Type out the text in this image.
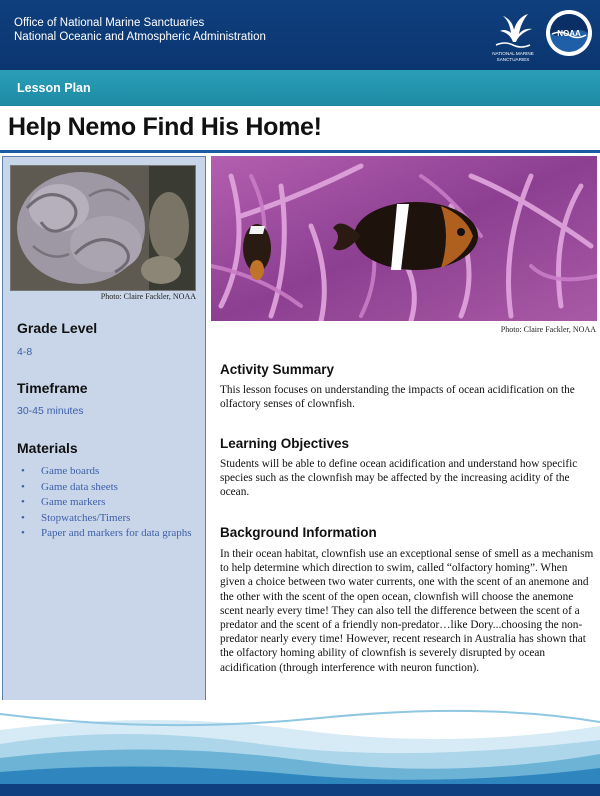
Office of National Marine Sanctuaries
National Oceanic and Atmospheric Administration
NATIONAL MARINE
SANCTUARIES
NOAA
Lesson Plan
Help Nemo Find His Home!
Photo: Claire Fackler, NOAA
Grade Level
4-8
Timeframe
30-45 minutes
Materials
• Game boards
• Game data sheets
• Game markers
• Stopwatches/Timers
• Paper and markers for data graphs
Photo: Claire Fackler, NOAA
Activity Summary

This lesson focuses on understanding the impacts of ocean acidification on the olfactory senses of clownfish.

Learning Objectives

Students will be able to define ocean acidification and understand how specific species such as the clownfish may be affected by the increasing acidity of the ocean.

Background Information

In their ocean habitat, clownfish use an exceptional sense of smell as a mechanism to help determine which direction to swim, called “olfactory homing”. When given a choice between two water currents, one with the scent of an anemone and the other with the scent of the open ocean, clownfish will choose the anemone scent nearly every time! They can also tell the difference between the scent of a predator and the scent of a friendly non-predator…like Dory...choosing the non-predator nearly every time! However, recent research in Australia has shown that the olfactory homing ability of clownfish is severely disrupted by ocean acidification (through interference with neuron function).
